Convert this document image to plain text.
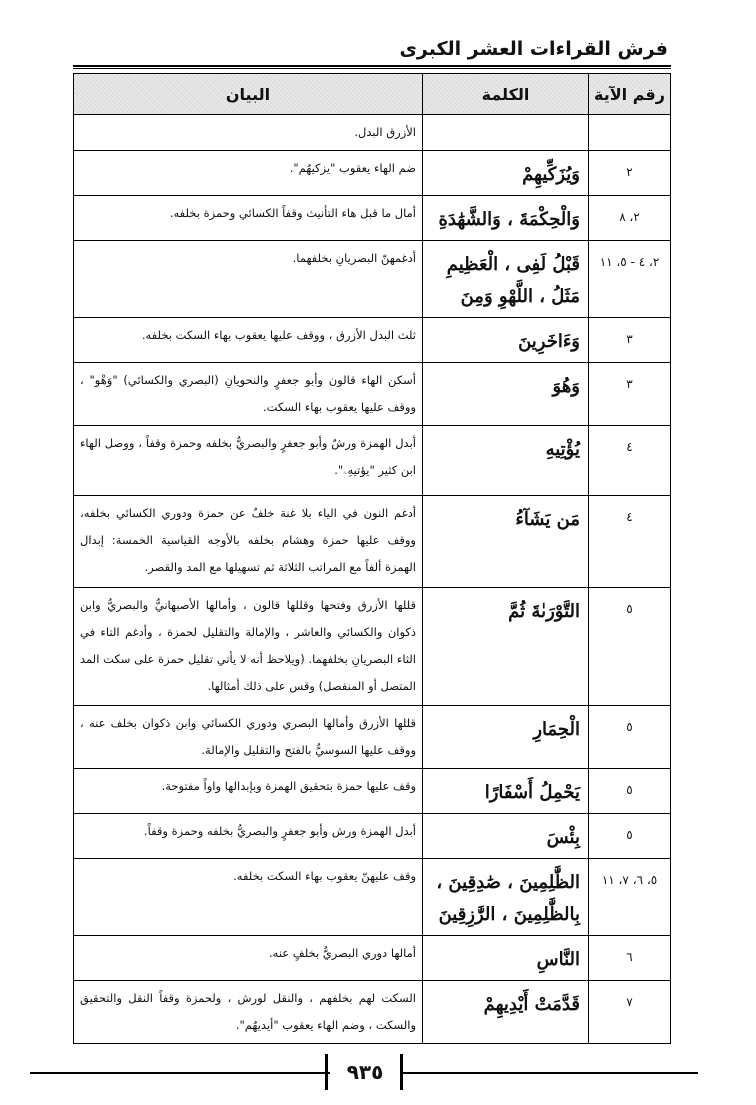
فرش القراءات العشر الكبرى
رقم الآية	الكلمة	البيان
		الأزرق البدل.
٢	وَيُزَكِّيهِمْ	ضم الهاء يعقوب "يزكيهُم".
٢، ٨	وَالْحِكْمَةَ ، وَالشَّهَٰدَةِ	أمال ما قبل هاء التأنيث وقفاً الكسائي وحمزة بخلفه.
٢، ٤ - ٥، ١١	قَبْلُ لَفِى ، الْعَظِيمِ مَثَلُ ، اللَّهْوِ وَمِنَ	أدغمهنّ البصريانِ بخلفهما.
٣	وَءَاخَرِينَ	ثلث البدل الأزرق ، ووقف عليها يعقوب بهاء السكت بخلفه.
٣	وَهُوَ	أسكن الهاء قالون وأبو جعفرٍ والنحويانِ (البصري والكسائي) "وَهْو" ، ووقف عليها يعقوب بهاء السكت.
٤	يُؤْتِيهِ	أبدل الهمزة ورشٌ وأبو جعفرٍ والبصريُّ بخلفه وحمزة وقفاً ، ووصل الهاء ابن كثير "يؤتيهِۦ".
٤	مَن يَشَآءُ	أدغم النون في الياء بلا غنة خلفٌ عن حمزة ودوري الكسائي بخلفه، ووقف عليها حمزة وهشام بخلفه بالأوجه القياسية الخمسة: إبدال الهمزة ألفاً مع المراتب الثلاثة ثم تسهيلها مع المد والقصر.
٥	التَّوْرَىٰةَ ثُمَّ	قللها الأزرق وفتحها وقللها قالون ، وأمالها الأصبهانيُّ والبصريُّ وابن ذكوان والكسائي والعاشر ، والإمالة والتقليل لحمزة ، وأدغم التاء في الثاء البصريانِ بخلفهما. (ويلاحظ أنه لا يأتي تقليل حمزة على سكت المد المتصل أو المنفصل) وقس على ذلك أمثالها.
٥	الْحِمَارِ	قللها الأزرق وأمالها البصري ودوري الكسائي وابن ذكوان بخلف عنه ، ووقف عليها السوسيُّ بالفتح والتقليل والإمالة.
٥	يَحْمِلُ أَسْفَارًا	وقف عليها حمزة بتحقيق الهمزة وبإبدالها واواً مفتوحة.
٥	بِئْسَ	أبدل الهمزة ورش وأبو جعفرٍ والبصريُّ بخلفه وحمزة وقفاً.
٥، ٦، ٧، ١١	الظَّٰلِمِينَ ، صَٰدِقِينَ ، بِالظَّٰلِمِينَ ، الرَّٰزِقِينَ	وقف عليهنّ يعقوب بهاء السكت بخلفه.
٦	النَّاسِ	أمالها دوري البصريُّ بخلفٍ عنه.
٧	قَدَّمَتْ أَيْدِيهِمْ	السكت لهم بخلفهم ، والنقل لورش ، ولحمزة وقفاً النقل والتحقيق والسكت ، وضم الهاء يعقوب "أيديهُم".
٩٣٥
